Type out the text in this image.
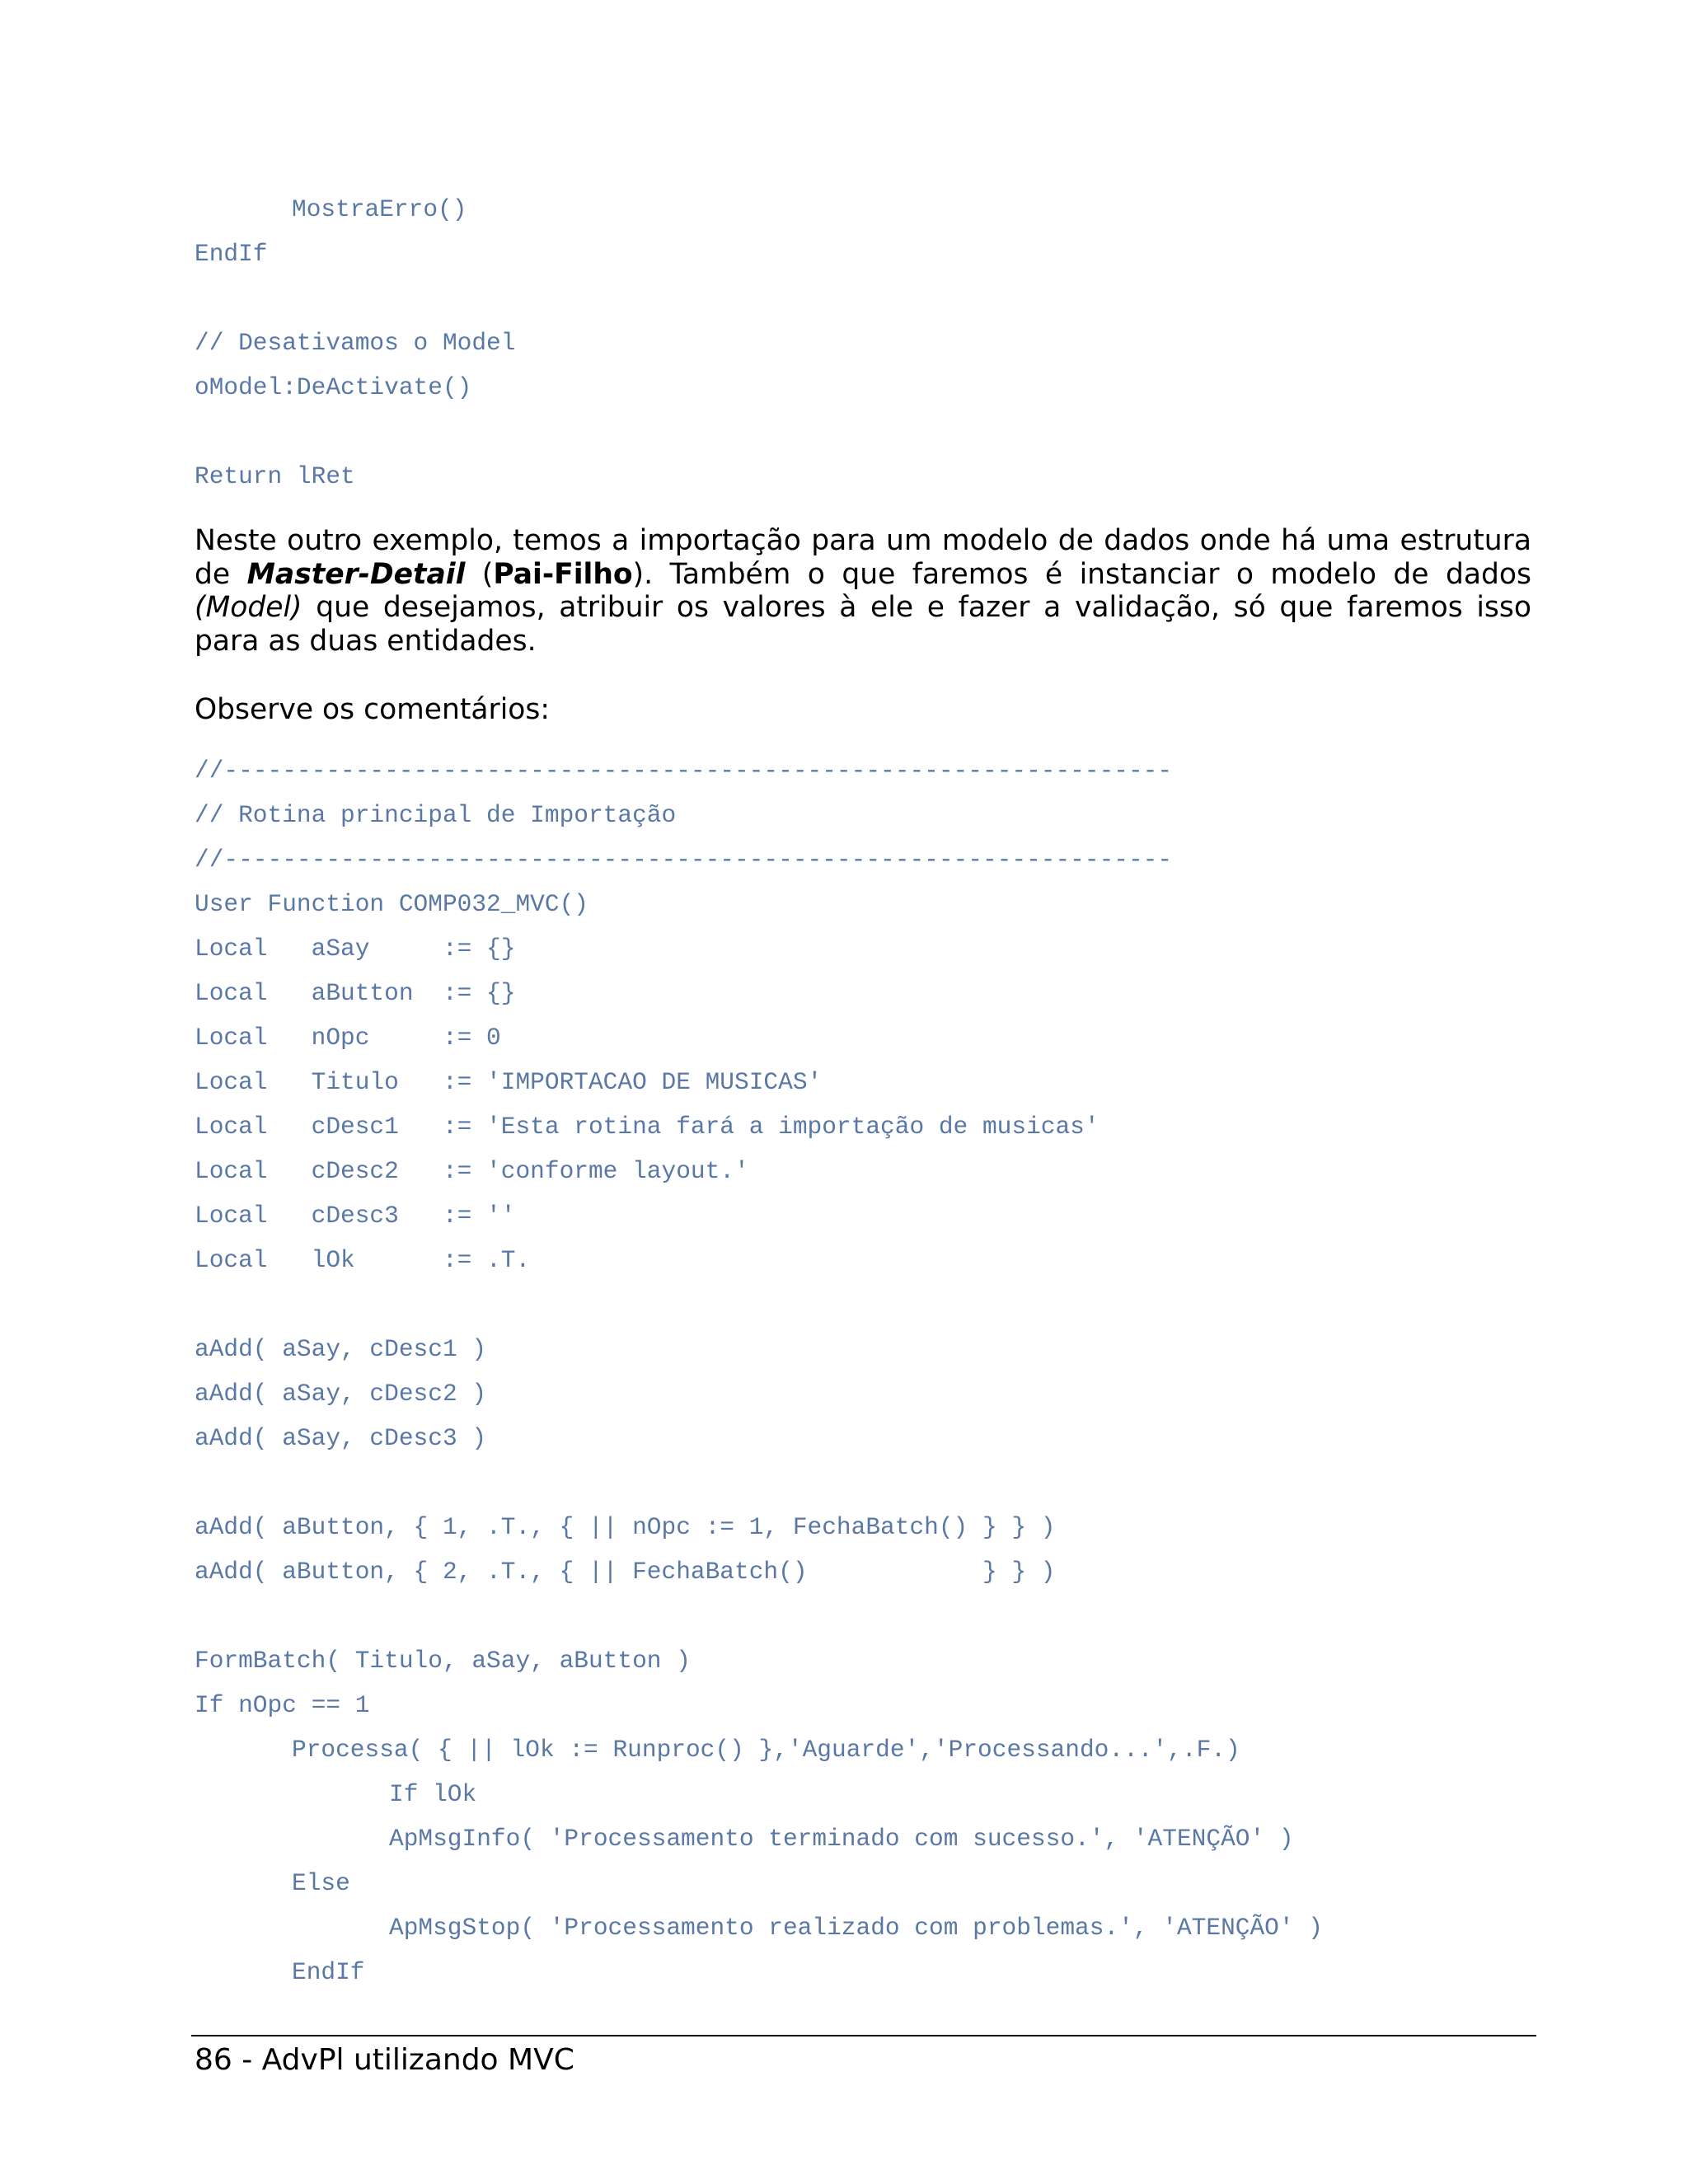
MostraErro()
EndIf
// Desativamos o Model
oModel:DeActivate()
Return lRet

Neste outro exemplo, temos a importação para um modelo de dados onde há uma estrutura de Master-Detail (Pai-Filho). Também o que faremos é instanciar o modelo de dados (Model) que desejamos, atribuir os valores à ele e fazer a validação, só que faremos isso para as duas entidades.

Observe os comentários:

//-----------------------------------------------------------------
// Rotina principal de Importação
//-----------------------------------------------------------------
User Function COMP032_MVC()
Local   aSay     := {}
Local   aButton  := {}
Local   nOpc     := 0
Local   Titulo   := 'IMPORTACAO DE MUSICAS'
Local   cDesc1   := 'Esta rotina fará a importação de musicas'
Local   cDesc2   := 'conforme layout.'
Local   cDesc3   := ''
Local   lOk      := .T.
aAdd( aSay, cDesc1 )
aAdd( aSay, cDesc2 )
aAdd( aSay, cDesc3 )
aAdd( aButton, { 1, .T., { || nOpc := 1, FechaBatch() } } )
aAdd( aButton, { 2, .T., { || FechaBatch()            } } )
FormBatch( Titulo, aSay, aButton )
If nOpc == 1
Processa( { || lOk := Runproc() },'Aguarde','Processando...',.F.)
If lOk
ApMsgInfo( 'Processamento terminado com sucesso.', 'ATENÇÃO' )
Else
ApMsgStop( 'Processamento realizado com problemas.', 'ATENÇÃO' )
EndIf

86 - AdvPl utilizando MVC
